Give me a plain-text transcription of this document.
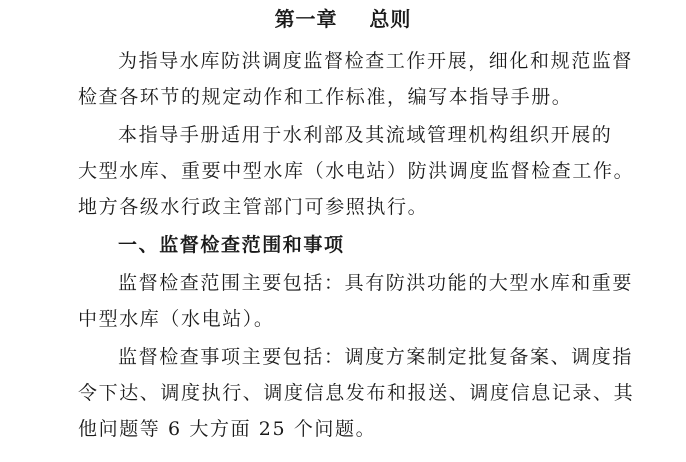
第一章    总则
为指导水库防洪调度监督检查工作开展，细化和规范监督
检查各环节的规定动作和工作标准，编写本指导手册。
本指导手册适用于水利部及其流域管理机构组织开展的
大型水库、重要中型水库（水电站）防洪调度监督检查工作。
地方各级水行政主管部门可参照执行。
一、监督检查范围和事项
监督检查范围主要包括：具有防洪功能的大型水库和重要
中型水库（水电站）。
监督检查事项主要包括：调度方案制定批复备案、调度指
令下达、调度执行、调度信息发布和报送、调度信息记录、其
他问题等 6 大方面 25 个问题。
